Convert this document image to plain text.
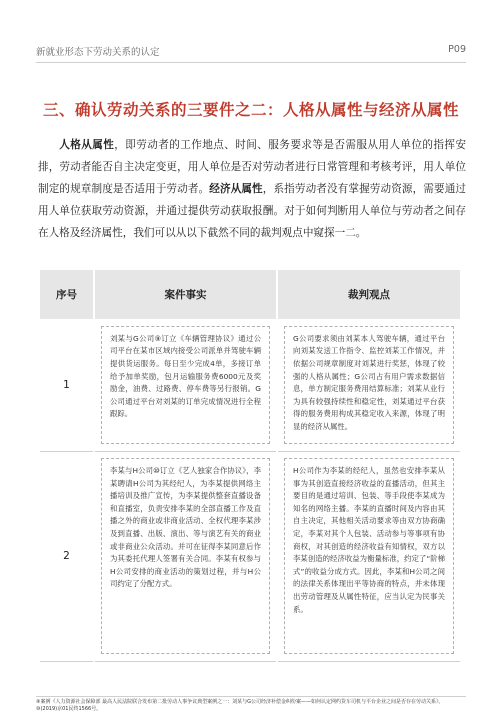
新就业形态下劳动关系的认定	P09
三、确认劳动关系的三要件之二：人格从属性与经济从属性

人格从属性，即劳动者的工作地点、时间、服务要求等是否需服从用人单位的指挥安排，劳动者能否自主决定变更，用人单位是否对劳动者进行日常管理和考核考评，用人单位制定的规章制度是否适用于劳动者。经济从属性，系指劳动者没有掌握劳动资源，需要通过用人单位获取劳动资源，并通过提供劳动获取报酬。对于如何判断用人单位与劳动者之间存在人格及经济属性，我们可以从以下截然不同的裁判观点中窥探一二。

序号	案件事实	裁判观点
1	刘某与G公司⑨订立《车辆管理协议》通过公司平台在某市区域内接受公司派单并驾驶车辆提供货运服务。每日至少完成4单，多接订单给予加单奖励，包月运输服务费6000元及奖励金，油费、过路费、停车费等另行报销。G公司通过平台对刘某的订单完成情况进行全程跟踪。	G公司要求须由刘某本人驾驶车辆，通过平台向刘某发送工作指令、监控刘某工作情况，并依据公司规章制度对刘某进行奖惩，体现了较强的人格从属性；G公司占有用户需求数据信息，单方制定服务费用结算标准；刘某从业行为具有较强持续性和稳定性，刘某通过平台获得的服务费用构成其稳定收入来源，体现了明显的经济从属性。

2	李某与H公司⑩订立《艺人独家合作协议》，李某聘请H公司为其经纪人，为李某提供网络主播培训及推广宣传，为李某提供整套直播设备和直播室，负责安排李某的全部直播工作及直播之外的商业或非商业活动、全权代理李某涉及到直播、出版、演出、等与演艺有关的商业或非商业公众活动。并可在征得李某同意后作为其委托代理人签署有关合同。李某有权参与H公司安排的商业活动的策划过程，并与H公司约定了分配方式。	H公司作为李某的经纪人，虽然也安排李某从事为其创造直接经济收益的直播活动，但其主要目的是通过培训、包装、等手段使李某成为知名的网络主播。李某的直播时间及内容由其自主决定，其他相关活动要求等由双方协商确定，李某对其个人包装、活动参与等事项有协商权，对其创造的经济收益有知情权，双方以李某创造的经济收益为衡量标准，约定了“阶梯式”的收益分成方式。因此，李某和H公司之间的法律关系体现出平等协商的特点，并未体现出劳动管理及从属性特征，应当认定为民事关系。
⑨案例《人力资源社会保障部 最高人民法院联合发布第二批劳动人事争议典型案例之一：刘某与G公司经济补偿金纠纷案——如何认定网约货车司机与平台企业之间是否存在劳动关系》。
⑩(2019)京01民终1566号。
